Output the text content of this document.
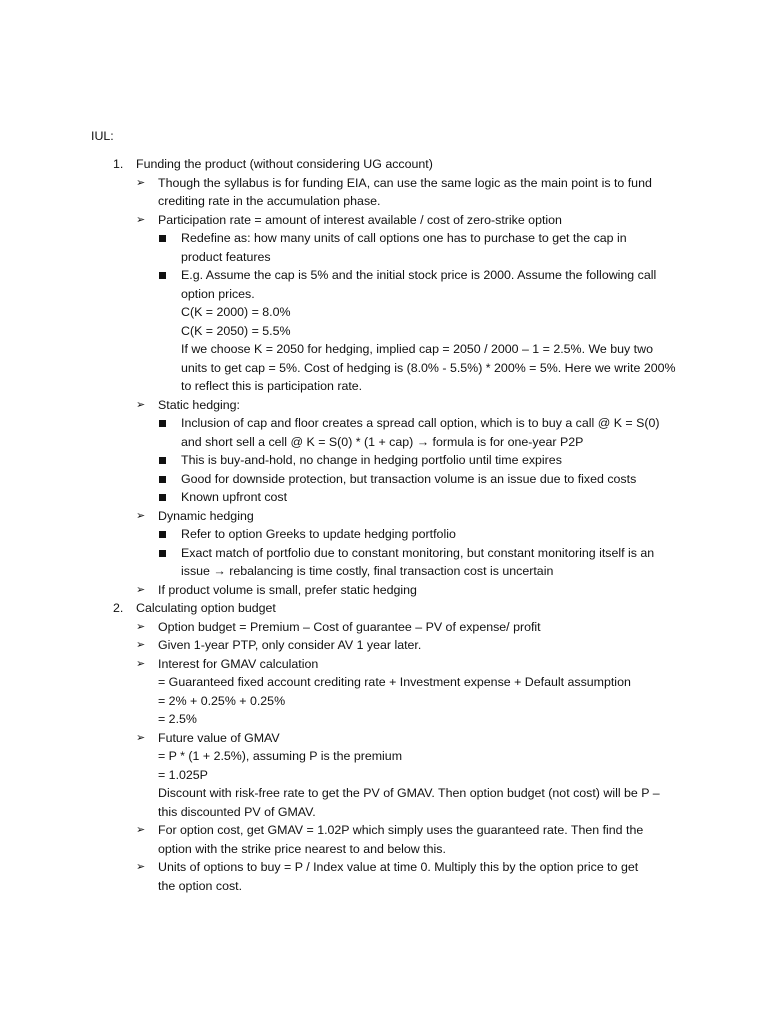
IUL:
1. Funding the product (without considering UG account)
➢ Though the syllabus is for funding EIA, can use the same logic as the main point is to fund
crediting rate in the accumulation phase.
➢ Participation rate = amount of interest available / cost of zero-strike option
Redefine as: how many units of call options one has to purchase to get the cap in
product features
E.g. Assume the cap is 5% and the initial stock price is 2000. Assume the following call
option prices.
C(K = 2000) = 8.0%
C(K = 2050) = 5.5%
If we choose K = 2050 for hedging, implied cap = 2050 / 2000 – 1 = 2.5%. We buy two
units to get cap = 5%. Cost of hedging is (8.0% - 5.5%) * 200% = 5%. Here we write 200%
to reflect this is participation rate.
➢ Static hedging:
Inclusion of cap and floor creates a spread call option, which is to buy a call @ K = S(0)
and short sell a cell @ K = S(0) * (1 + cap) → formula is for one-year P2P
This is buy-and-hold, no change in hedging portfolio until time expires
Good for downside protection, but transaction volume is an issue due to fixed costs
Known upfront cost
➢ Dynamic hedging
Refer to option Greeks to update hedging portfolio
Exact match of portfolio due to constant monitoring, but constant monitoring itself is an
issue → rebalancing is time costly, final transaction cost is uncertain
➢ If product volume is small, prefer static hedging
2. Calculating option budget
➢ Option budget = Premium – Cost of guarantee – PV of expense/ profit
➢ Given 1-year PTP, only consider AV 1 year later.
➢ Interest for GMAV calculation
= Guaranteed fixed account crediting rate + Investment expense + Default assumption
= 2% + 0.25% + 0.25%
= 2.5%
➢ Future value of GMAV
= P * (1 + 2.5%), assuming P is the premium
= 1.025P
Discount with risk-free rate to get the PV of GMAV. Then option budget (not cost) will be P –
this discounted PV of GMAV.
➢ For option cost, get GMAV = 1.02P which simply uses the guaranteed rate. Then find the
option with the strike price nearest to and below this.
➢ Units of options to buy = P / Index value at time 0. Multiply this by the option price to get
the option cost.
